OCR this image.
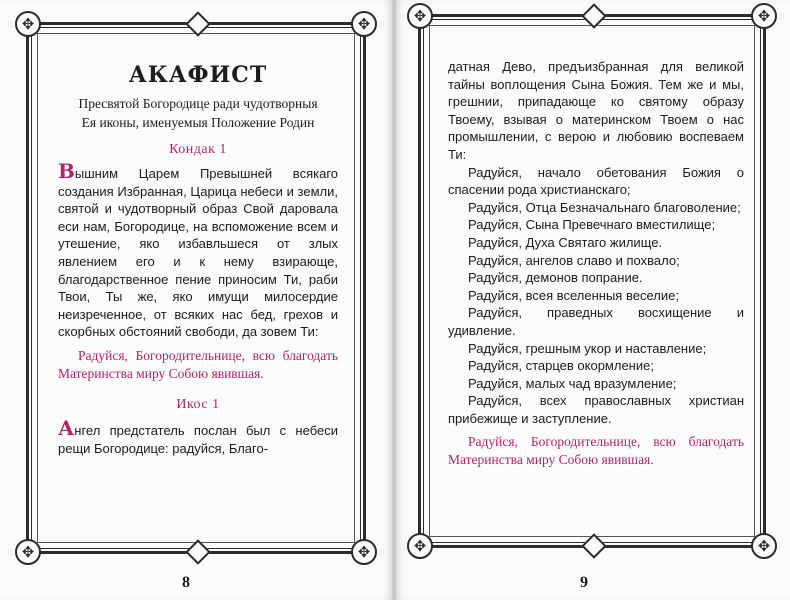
✥
✥
✥
✥
АКАФИСТ
Пресвятой Богородице ради чудотворныя
Ея иконы, именуемыя Положение Родин
Кондак 1

Вышним Царем Превышней всякаго создания Избранная, Царица небеси и земли, святой и чудотворный образ Свой даровала еси нам, Богородице, на вспоможение всем и утешение, яко избавльшеся от злых явлением его и к нему взирающе, благодарственное пение приносим Ти, раби Твои, Ты же, яко имущи милосердие неизреченное, от всяких нас бед, грехов и скорбных обстояний свободи, да зовем Ти:

Радуйся, Богородительнице, всю благодать Материнства миру Собою явившая.

Икос 1

Ангел предстатель послан был с небеси рещи Богородице: радуйся, Благо-

8
✥
✥
✥
✥

датная Дево, предъизбранная для великой тайны воплощения Сына Божия. Тем же и мы, грешнии, припадающе ко святому образу Твоему, взывая о материнском Твоем о нас промышлении, с верою и любовию воспеваем Ти:

Радуйся, начало обетования Божия о спасении рода христианскаго;

Радуйся, Отца Безначальнаго благоволение;

Радуйся, Сына Превечнаго вместилище;

Радуйся, Духа Святаго жилище.

Радуйся, ангелов славо и похвало;

Радуйся, демонов попрание.

Радуйся, всея вселенныя веселие;

Радуйся, праведных восхищение и удивление.

Радуйся, грешным укор и наставление;

Радуйся, старцев окормление;

Радуйся, малых чад вразумление;

Радуйся, всех православных христиан прибежище и заступление.

Радуйся, Богородительнице, всю благодать Материнства миру Собою явившая.

9
